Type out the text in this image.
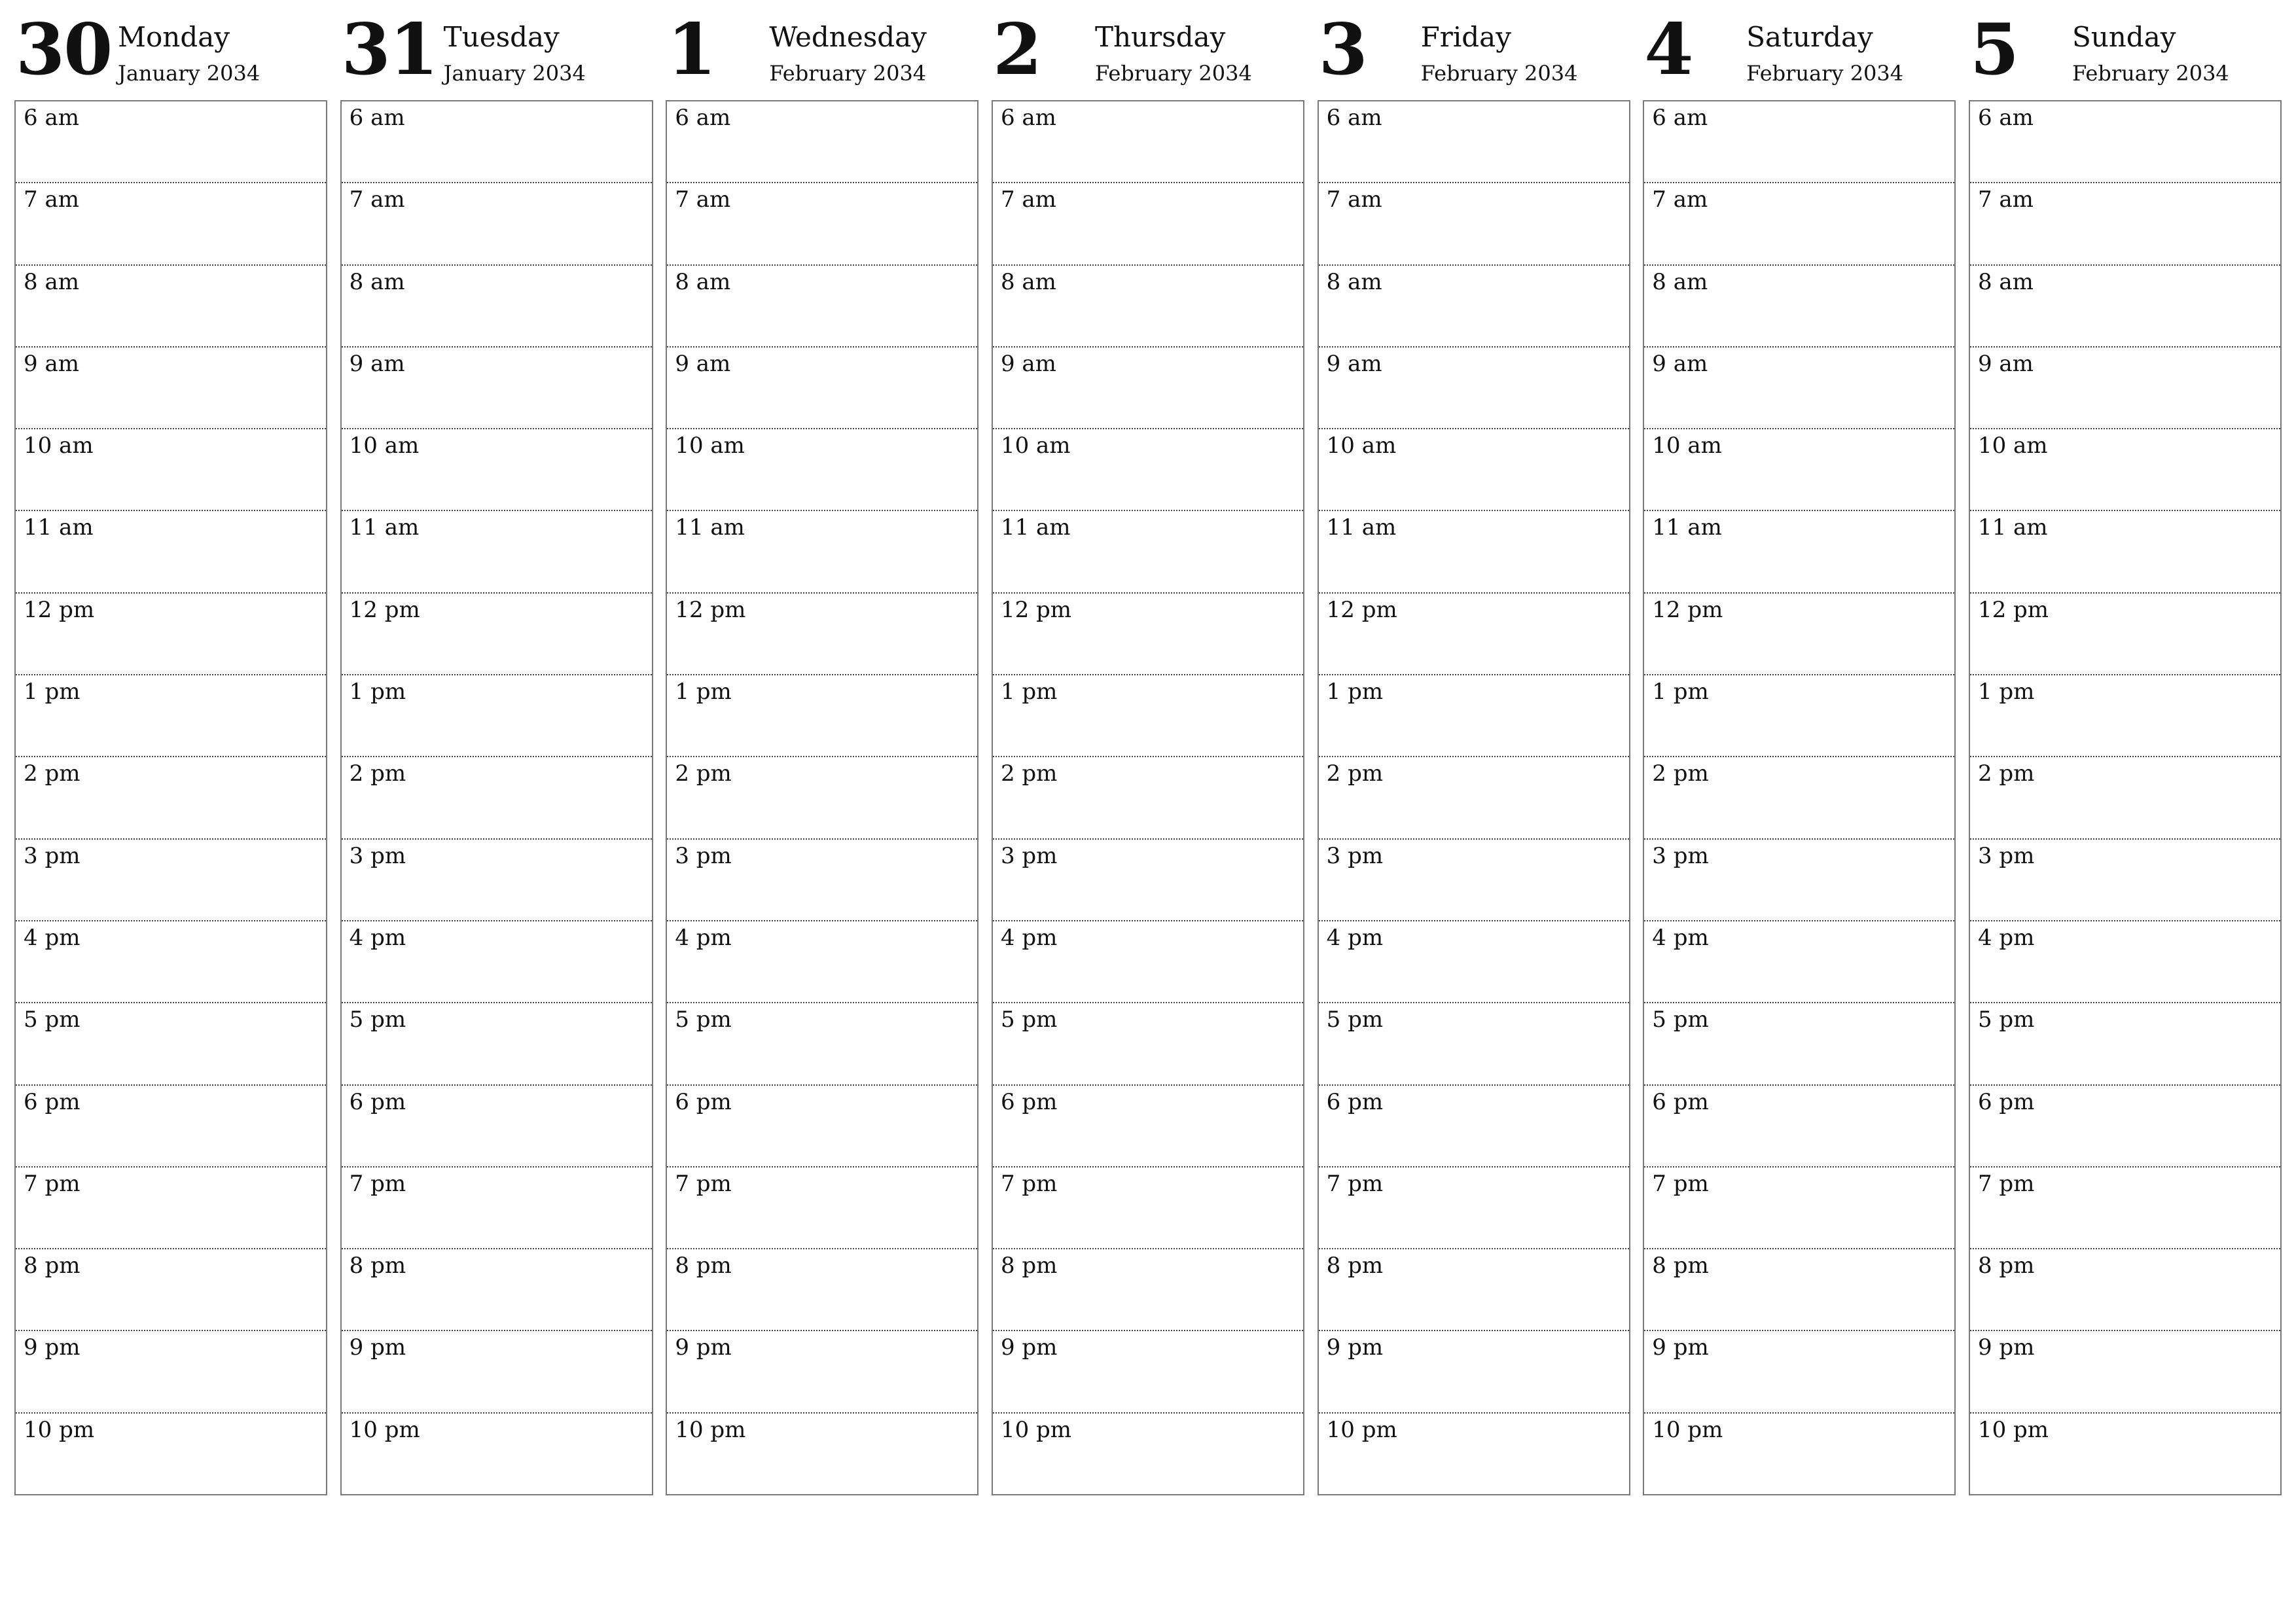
30 Monday
January 2034
6 am
7 am
8 am
9 am
10 am
11 am
12 pm
1 pm
2 pm
3 pm
4 pm
5 pm
6 pm
7 pm
8 pm
9 pm
10 pm
31 Tuesday
January 2034
6 am
7 am
8 am
9 am
10 am
11 am
12 pm
1 pm
2 pm
3 pm
4 pm
5 pm
6 pm
7 pm
8 pm
9 pm
10 pm
1 Wednesday
February 2034
6 am
7 am
8 am
9 am
10 am
11 am
12 pm
1 pm
2 pm
3 pm
4 pm
5 pm
6 pm
7 pm
8 pm
9 pm
10 pm
2 Thursday
February 2034
6 am
7 am
8 am
9 am
10 am
11 am
12 pm
1 pm
2 pm
3 pm
4 pm
5 pm
6 pm
7 pm
8 pm
9 pm
10 pm
3 Friday
February 2034
6 am
7 am
8 am
9 am
10 am
11 am
12 pm
1 pm
2 pm
3 pm
4 pm
5 pm
6 pm
7 pm
8 pm
9 pm
10 pm
4 Saturday
February 2034
6 am
7 am
8 am
9 am
10 am
11 am
12 pm
1 pm
2 pm
3 pm
4 pm
5 pm
6 pm
7 pm
8 pm
9 pm
10 pm
5 Sunday
February 2034
6 am
7 am
8 am
9 am
10 am
11 am
12 pm
1 pm
2 pm
3 pm
4 pm
5 pm
6 pm
7 pm
8 pm
9 pm
10 pm
